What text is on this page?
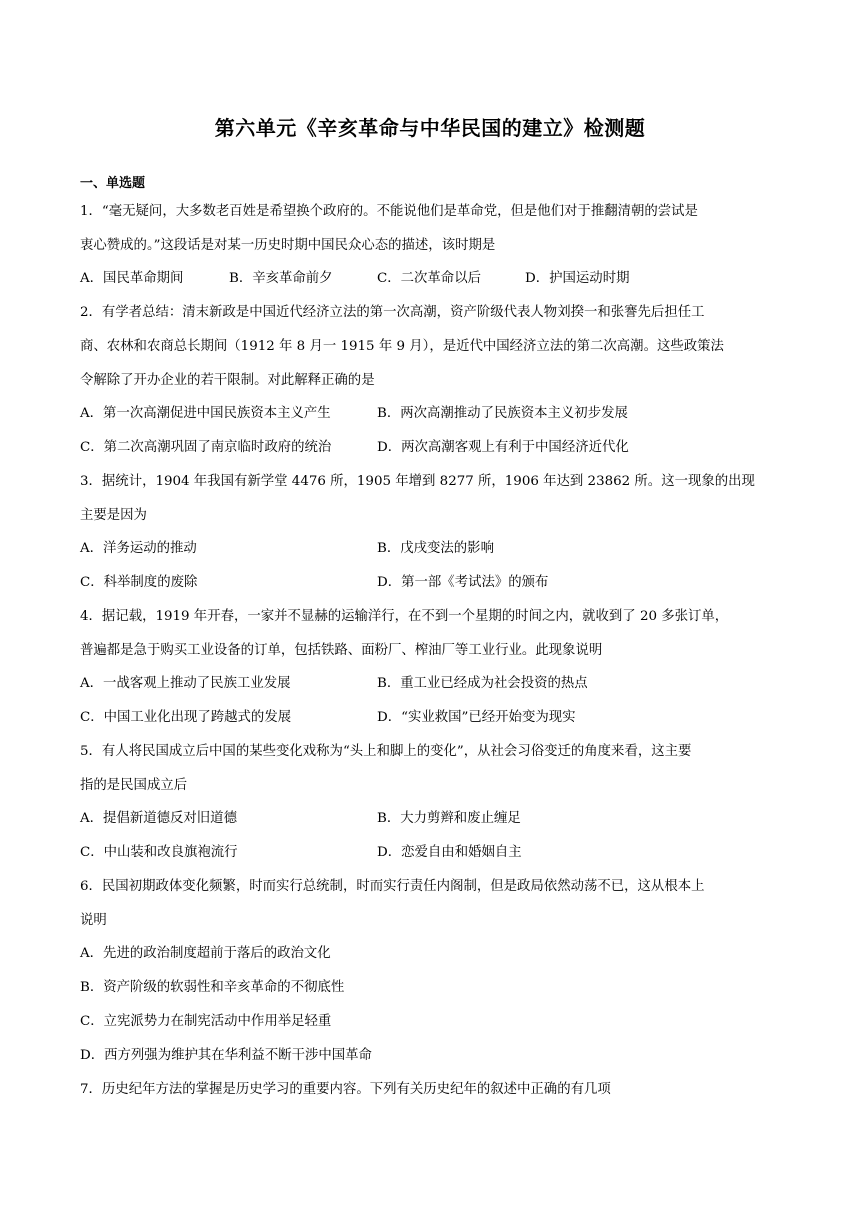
第六单元《辛亥革命与中华民国的建立》检测题
一、单选题
1．“毫无疑问，大多数老百姓是希望换个政府的。不能说他们是革命党，但是他们对于推翻清朝的尝试是
衷心赞成的。”这段话是对某一历史时期中国民众心态的描述，该时期是
A．国民革命期间	B．辛亥革命前夕	C．二次革命以后	D．护国运动时期
2．有学者总结：清末新政是中国近代经济立法的第一次高潮，资产阶级代表人物刘揆一和张謇先后担任工
商、农林和农商总长期间（1912 年 8 月一 1915 年 9 月），是近代中国经济立法的第二次高潮。这些政策法
令解除了开办企业的若干限制。对此解释正确的是
A．第一次高潮促进中国民族资本主义产生	B．两次高潮推动了民族资本主义初步发展
C．第二次高潮巩固了南京临时政府的统治	D．两次高潮客观上有利于中国经济近代化
3．据统计，1904 年我国有新学堂 4476 所，1905 年增到 8277 所，1906 年达到 23862 所。这一现象的出现
主要是因为
A．洋务运动的推动	B．戊戌变法的影响
C．科举制度的废除	D．第一部《考试法》的颁布
4．据记载，1919 年开春，一家并不显赫的运输洋行，在不到一个星期的时间之内，就收到了 20 多张订单，
普遍都是急于购买工业设备的订单，包括铁路、面粉厂、榨油厂等工业行业。此现象说明
A．一战客观上推动了民族工业发展	B．重工业已经成为社会投资的热点
C．中国工业化出现了跨越式的发展	D．“实业救国”已经开始变为现实
5．有人将民国成立后中国的某些变化戏称为“头上和脚上的变化”，从社会习俗变迁的角度来看，这主要
指的是民国成立后
A．提倡新道德反对旧道德	B．大力剪辫和废止缠足
C．中山装和改良旗袍流行	D．恋爱自由和婚姻自主
6．民国初期政体变化频繁，时而实行总统制，时而实行责任内阁制，但是政局依然动荡不已，这从根本上
说明
A．先进的政治制度超前于落后的政治文化
B．资产阶级的软弱性和辛亥革命的不彻底性
C．立宪派势力在制宪活动中作用举足轻重
D．西方列强为维护其在华利益不断干涉中国革命
7．历史纪年方法的掌握是历史学习的重要内容。下列有关历史纪年的叙述中正确的有几项
